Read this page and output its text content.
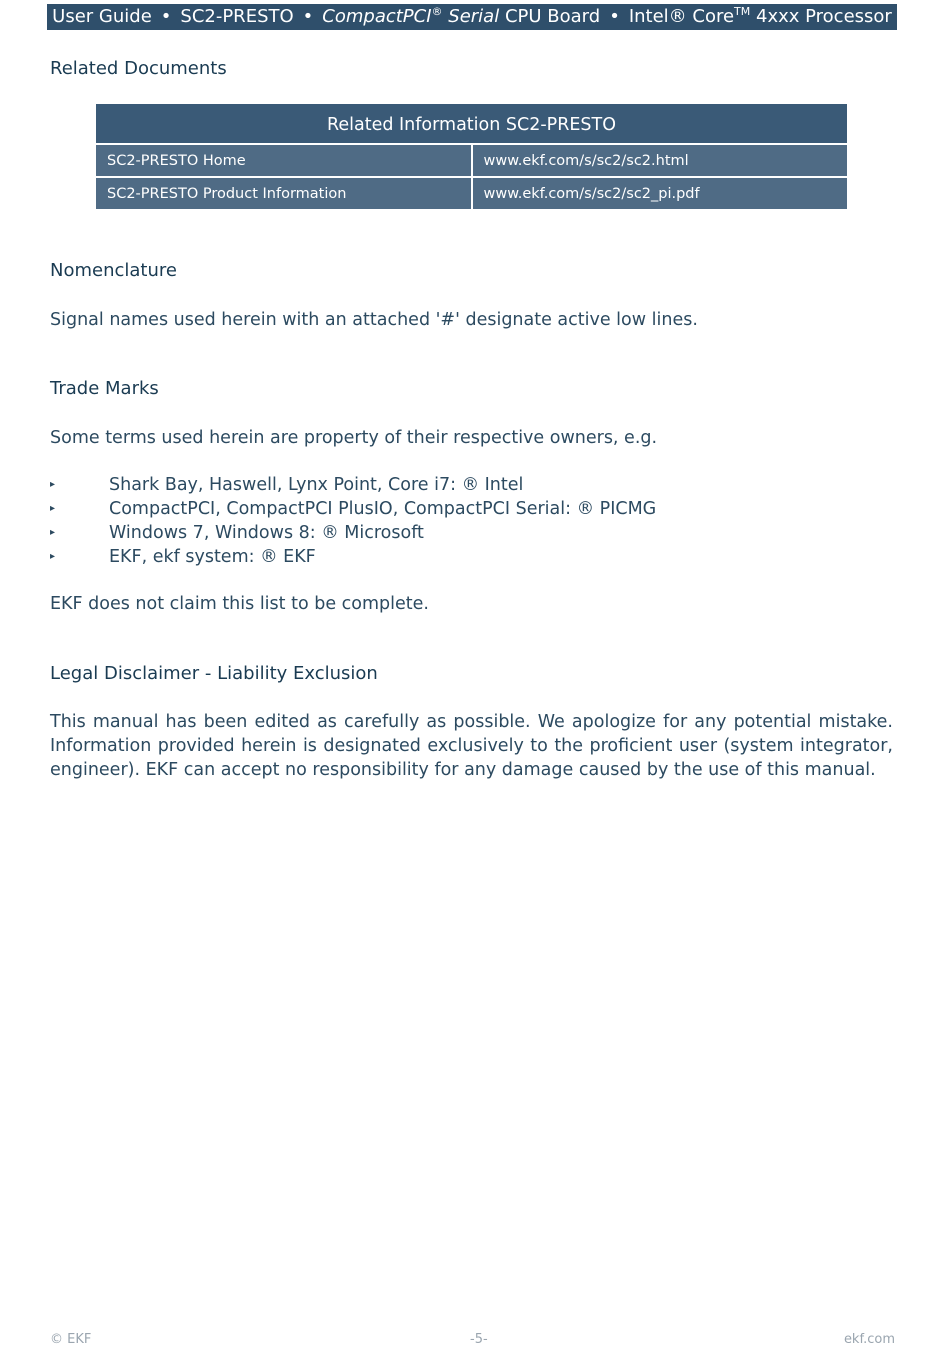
User Guide • SC2-PRESTO • CompactPCI® Serial CPU Board • Intel® Core™ 4xxx Processor
Related Documents
Related Information SC2-PRESTO	
SC2-PRESTO Home	www.ekf.com/s/sc2/sc2.html
SC2-PRESTO Product Information	www.ekf.com/s/sc2/sc2_pi.pdf
Nomenclature
Signal names used herein with an attached '#' designate active low lines.
Trade Marks
Some terms used herein are property of their respective owners, e.g.
▸	Shark Bay, Haswell, Lynx Point, Core i7: ® Intel
▸	CompactPCI, CompactPCI PlusIO, CompactPCI Serial: ® PICMG
▸	Windows 7, Windows 8: ® Microsoft
▸	EKF, ekf system: ® EKF
EKF does not claim this list to be complete.
Legal Disclaimer - Liability Exclusion
This manual has been edited as carefully as possible. We apologize for any potential mistake. Information provided herein is designated exclusively to the proficient user (system integrator, engineer). EKF can accept no responsibility for any damage caused by the use of this manual.
© EKF	-5-	ekf.com
